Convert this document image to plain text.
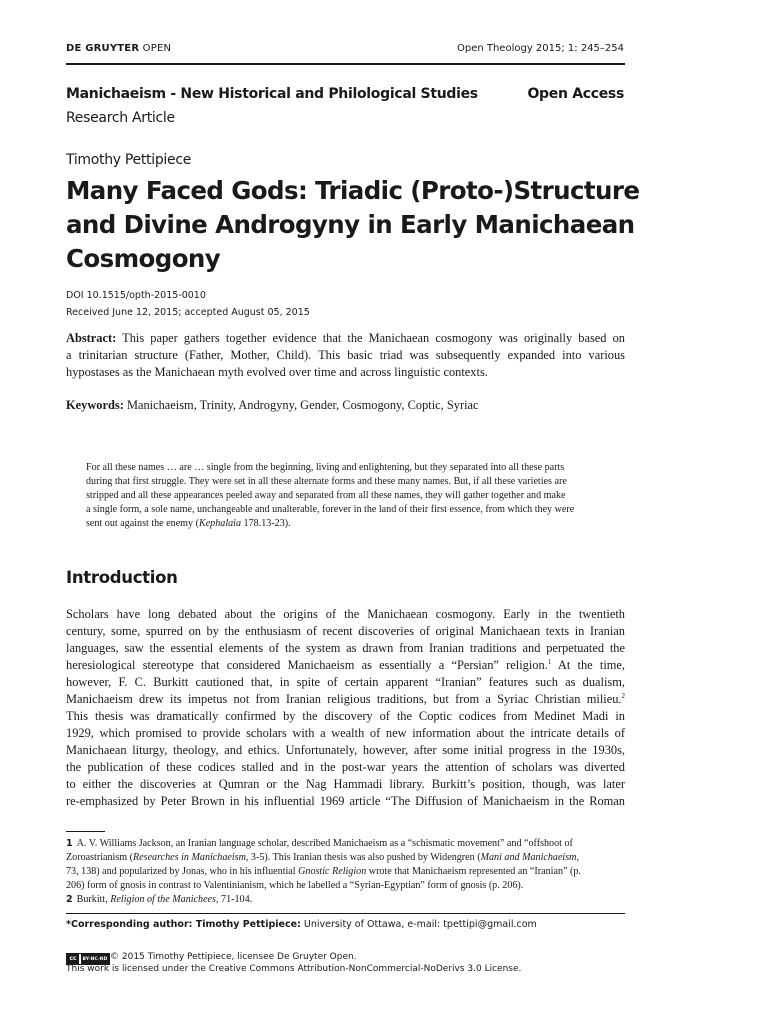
DE GRUYTER OPEN	Open Theology 2015; 1: 245–254
Manichaeism - New Historical and Philological Studies	Open Access
Research Article
Timothy Pettipiece
Many Faced Gods: Triadic (Proto-)Structure
and Divine Androgyny in Early Manichaean
Cosmogony
DOI 10.1515/opth-2015-0010
Received June 12, 2015; accepted August 05, 2015
Abstract: This paper gathers together evidence that the Manichaean cosmogony was originally based on
a trinitarian structure (Father, Mother, Child). This basic triad was subsequently expanded into various
hypostases as the Manichaean myth evolved over time and across linguistic contexts.
Keywords: Manichaeism, Trinity, Androgyny, Gender, Cosmogony, Coptic, Syriac
For all these names … are … single from the beginning, living and enlightening, but they separated into all these parts
during that first struggle. They were set in all these alternate forms and these many names. But, if all these varieties are
stripped and all these appearances peeled away and separated from all these names, they will gather together and make
a single form, a sole name, unchangeable and unalterable, forever in the land of their first essence, from which they were
sent out against the enemy (Kephalaia 178.13-23).
Introduction
Scholars have long debated about the origins of the Manichaean cosmogony. Early in the twentieth
century, some, spurred on by the enthusiasm of recent discoveries of original Manichaean texts in Iranian
languages, saw the essential elements of the system as drawn from Iranian traditions and perpetuated the
heresiological stereotype that considered Manichaeism as essentially a “Persian” religion.$^1$ At the time,
however, F. C. Burkitt cautioned that, in spite of certain apparent “Iranian” features such as dualism,
Manichaeism drew its impetus not from Iranian religious traditions, but from a Syriac Christian milieu.$^2$
This thesis was dramatically confirmed by the discovery of the Coptic codices from Medinet Madi in
1929, which promised to provide scholars with a wealth of new information about the intricate details of
Manichaean liturgy, theology, and ethics. Unfortunately, however, after some initial progress in the 1930s,
the publication of these codices stalled and in the post-war years the attention of scholars was diverted
to either the discoveries at Qumran or the Nag Hammadi library. Burkitt’s position, though, was later
re-emphasized by Peter Brown in his influential 1969 article “The Diffusion of Manichaeism in the Roman
1 A. V. Williams Jackson, an Iranian language scholar, described Manichaeism as a “schismatic movement” and “offshoot of
Zoroastrianism (Researches in Manichaeism, 3-5). This Iranian thesis was also pushed by Widengren (Mani and Manichaeism,
73, 138) and popularized by Jonas, who in his influential Gnostic Religion wrote that Manichaeism represented an “Iranian” (p.
206) form of gnosis in contrast to Valentinianism, which he labelled a “Syrian-Egyptian” form of gnosis (p. 206).
2 Burkitt, Religion of the Manichees, 71-104.
*Corresponding author: Timothy Pettipiece: University of Ottawa, e-mail: tpettipi@gmail.com
cc	BY-NC-ND © 2015 Timothy Pettipiece, licensee De Gruyter Open.
This work is licensed under the Creative Commons Attribution-NonCommercial-NoDerivs 3.0 License.
